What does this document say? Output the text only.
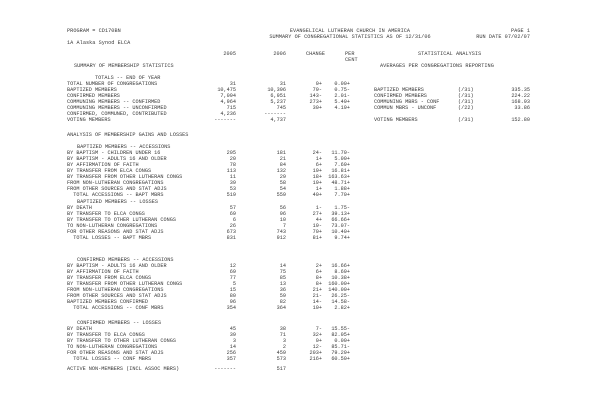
PROGRAM = CD170BN	EVANGELICAL LUTHERAN CHURCH IN AMERICA	PAGE 1
SUMMARY OF CONGREGATIONAL STATISTICS AS OF 12/31/06	RUN DATE 07/02/07
1A Alaska Synod ELCA
2005	2006	CHANGE	PER
CENT
STATISTICAL ANALYSIS
AVERAGES PER CONGREGATIONS REPORTING
SUMMARY OF MEMBERSHIP STATISTICS
TOTALS -- END OF YEAR
TOTAL NUMBER OF CONGREGATIONS	31	31	0+	0.00+
BAPTIZED MEMBERS	10,475	10,396	79-	0.75-	BAPTIZED MEMBERS	(/31)	335.35
CONFIRMED MEMBERS	7,094	6,951	143-	2.01-	CONFIRMED MEMBERS	(/31)	224.22
COMMUNING MEMBERS -- CONFIRMED	4,964	5,237	273+	5.49+	COMMUNING MBRS - CONF	(/31)	168.93
COMMUNING MEMBERS -- UNCONFIRMED	715	745	30+	4.19+	COMMUN MBRS - UNCONF	(/22)	33.86
CONFIRMED, COMMUNED, CONTRIBUTED	4,236	-------
VOTING MEMBERS	-------	4,737	VOTING MEMBERS	(/31)	152.80
ANALYSIS OF MEMBERSHIP GAINS AND LOSSES
BAPTIZED MEMBERS -- ACCESSIONS
BY BAPTISM - CHILDREN UNDER 16	205	181	24-	11.70-
BY BAPTISM - ADULTS 16 AND OLDER	20	21	1+	5.00+
BY AFFIRMATION OF FAITH	78	84	6+	7.69+
BY TRANSFER FROM ELCA CONGS	113	132	19+	16.81+
BY TRANSFER FROM OTHER LUTHERAN CONGS	11	29	18+	163.63+
FROM NON-LUTHERAN CONGREGATIONS	39	58	19+	48.71+
FROM OTHER SOURCES AND STAT ADJS	53	54	1+	1.88+
TOTAL ACCESSIONS -- BAPT MBRS	519	559	40+	7.70+
BAPTIZED MEMBERS -- LOSSES
BY DEATH	57	56	1-	1.75-
BY TRANSFER TO ELCA CONGS	69	96	27+	39.13+
BY TRANSFER TO OTHER LUTHERAN CONGS	6	10	4+	66.66+
TO NON-LUTHERAN CONGREGATIONS	26	7	19-	73.07-
FOR OTHER REASONS AND STAT ADJS	673	743	70+	10.40+
TOTAL LOSSES -- BAPT MBRS	831	912	81+	9.74+
CONFIRMED MEMBERS -- ACCESSIONS
BY BAPTISM - ADULTS 16 AND OLDER	12	14	2+	16.66+
BY AFFIRMATION OF FAITH	69	75	6+	8.69+
BY TRANSFER FROM ELCA CONGS	77	85	8+	10.38+
BY TRANSFER FROM OTHER LUTHERAN CONGS	5	13	8+	160.00+
FROM NON-LUTHERAN CONGREGATIONS	15	36	21+	140.00+
FROM OTHER SOURCES AND STAT ADJS	80	59	21-	26.25-
BAPTIZED MEMBERS CONFIRMED	96	82	14-	14.58-
TOTAL ACCESSIONS -- CONF MBRS	354	364	10+	2.82+
CONFIRMED MEMBERS -- LOSSES
BY DEATH	45	38	7-	15.55-
BY TRANSFER TO ELCA CONGS	39	71	32+	82.05+
BY TRANSFER TO OTHER LUTHERAN CONGS	3	3	0+	0.00+
TO NON-LUTHERAN CONGREGATIONS	14	2	12-	85.71-
FOR OTHER REASONS AND STAT ADJS	256	459	203+	79.29+
TOTAL LOSSES -- CONF MBRS	357	573	216+	60.50+
ACTIVE NON-MEMBERS (INCL ASSOC MBRS)	-------	517
